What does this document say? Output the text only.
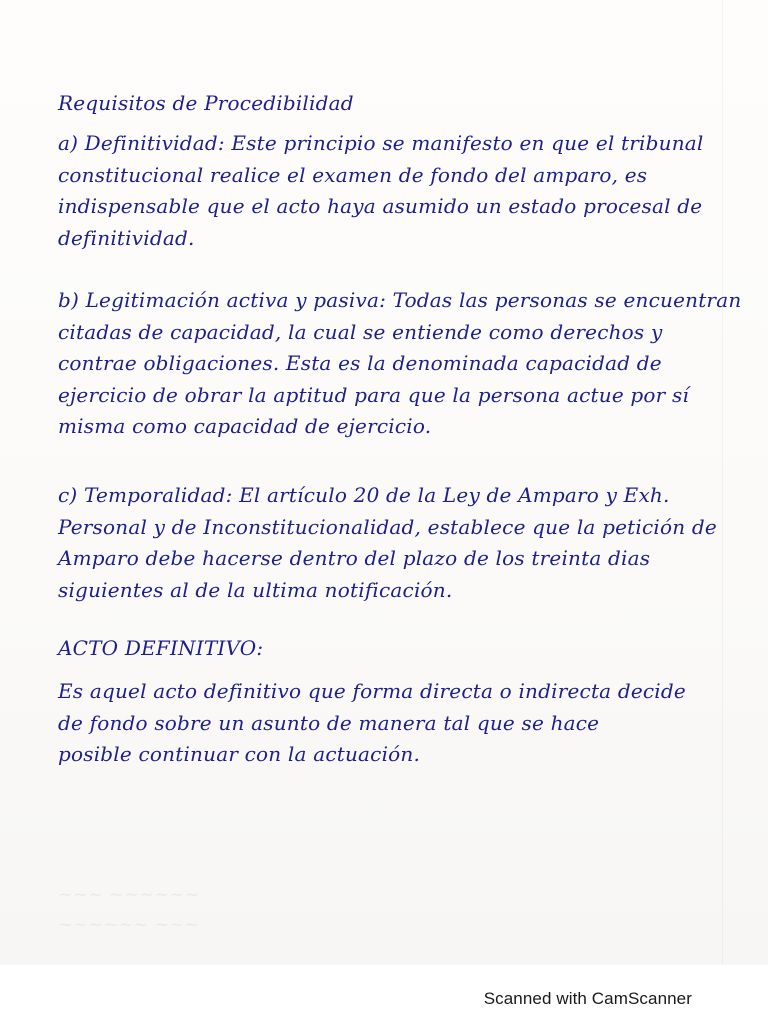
Requisitos de Procedibilidad
a) Definitividad: Este principio se manifesto en que el tribunal
constitucional realice el examen de fondo del amparo, es
indispensable que el acto haya asumido un estado procesal de
definitividad.
b) Legitimación activa y pasiva: Todas las personas se encuentran
citadas de capacidad, la cual se entiende como derechos y
contrae obligaciones. Esta es la denominada capacidad de
ejercicio de obrar la aptitud para que la persona actue por sí
misma como capacidad de ejercicio.
c) Temporalidad: El artículo 20 de la Ley de Amparo y Exh.
Personal y de Inconstitucionalidad, establece que la petición de
Amparo debe hacerse dentro del plazo de los treinta dias
siguientes al de la ultima notificación.
ACTO DEFINITIVO:
Es aquel acto definitivo que forma directa o indirecta decide
de fondo sobre un asunto de manera tal que se hace
posible continuar con la actuación.
~~~ ~~~~~~
~~~~~~ ~~~
Scanned with CamScanner
